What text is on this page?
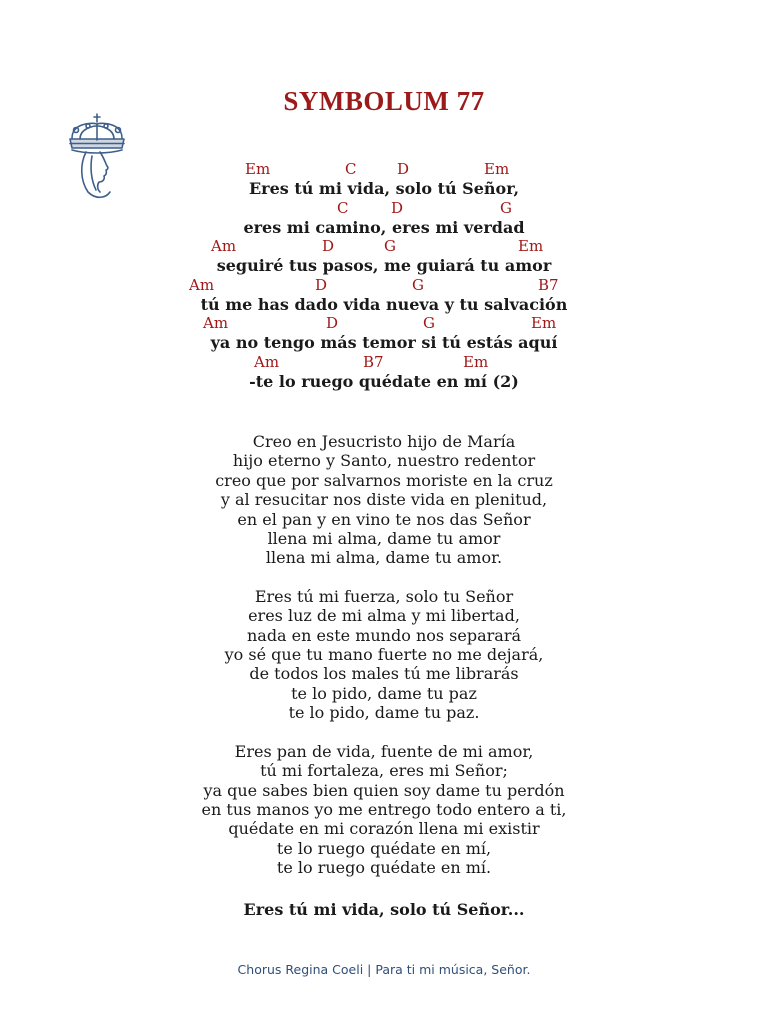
SYMBOLUM 77
Em	C	D	Em
Eres tú mi vida, solo tú Señor,
C	D	G
eres mi camino, eres mi verdad
Am	D	G	Em
seguiré tus pasos, me guiará tu amor
Am	D	G	B7
tú me has dado vida nueva y tu salvación
Am	D	G	Em
ya no tengo más temor si tú estás aquí
Am	B7	Em
-te lo ruego quédate en mí (2)
Creo en Jesucristo hijo de María
hijo eterno y Santo, nuestro redentor
creo que por salvarnos moriste en la cruz
y al resucitar nos diste vida en plenitud,
en el pan y en vino te nos das Señor
llena mi alma, dame tu amor
llena mi alma, dame tu amor.
Eres tú mi fuerza, solo tu Señor
eres luz de mi alma y mi libertad,
nada en este mundo nos separará
yo sé que tu mano fuerte no me dejará,
de todos los males tú me librarás
te lo pido, dame tu paz
te lo pido, dame tu paz.
Eres pan de vida, fuente de mi amor,
tú mi fortaleza, eres mi Señor;
ya que sabes bien quien soy dame tu perdón
en tus manos yo me entrego todo entero a ti,
quédate en mi corazón llena mi existir
te lo ruego quédate en mí,
te lo ruego quédate en mí.
Eres tú mi vida, solo tú Señor...
Chorus Regina Coeli | Para ti mi música, Señor.
